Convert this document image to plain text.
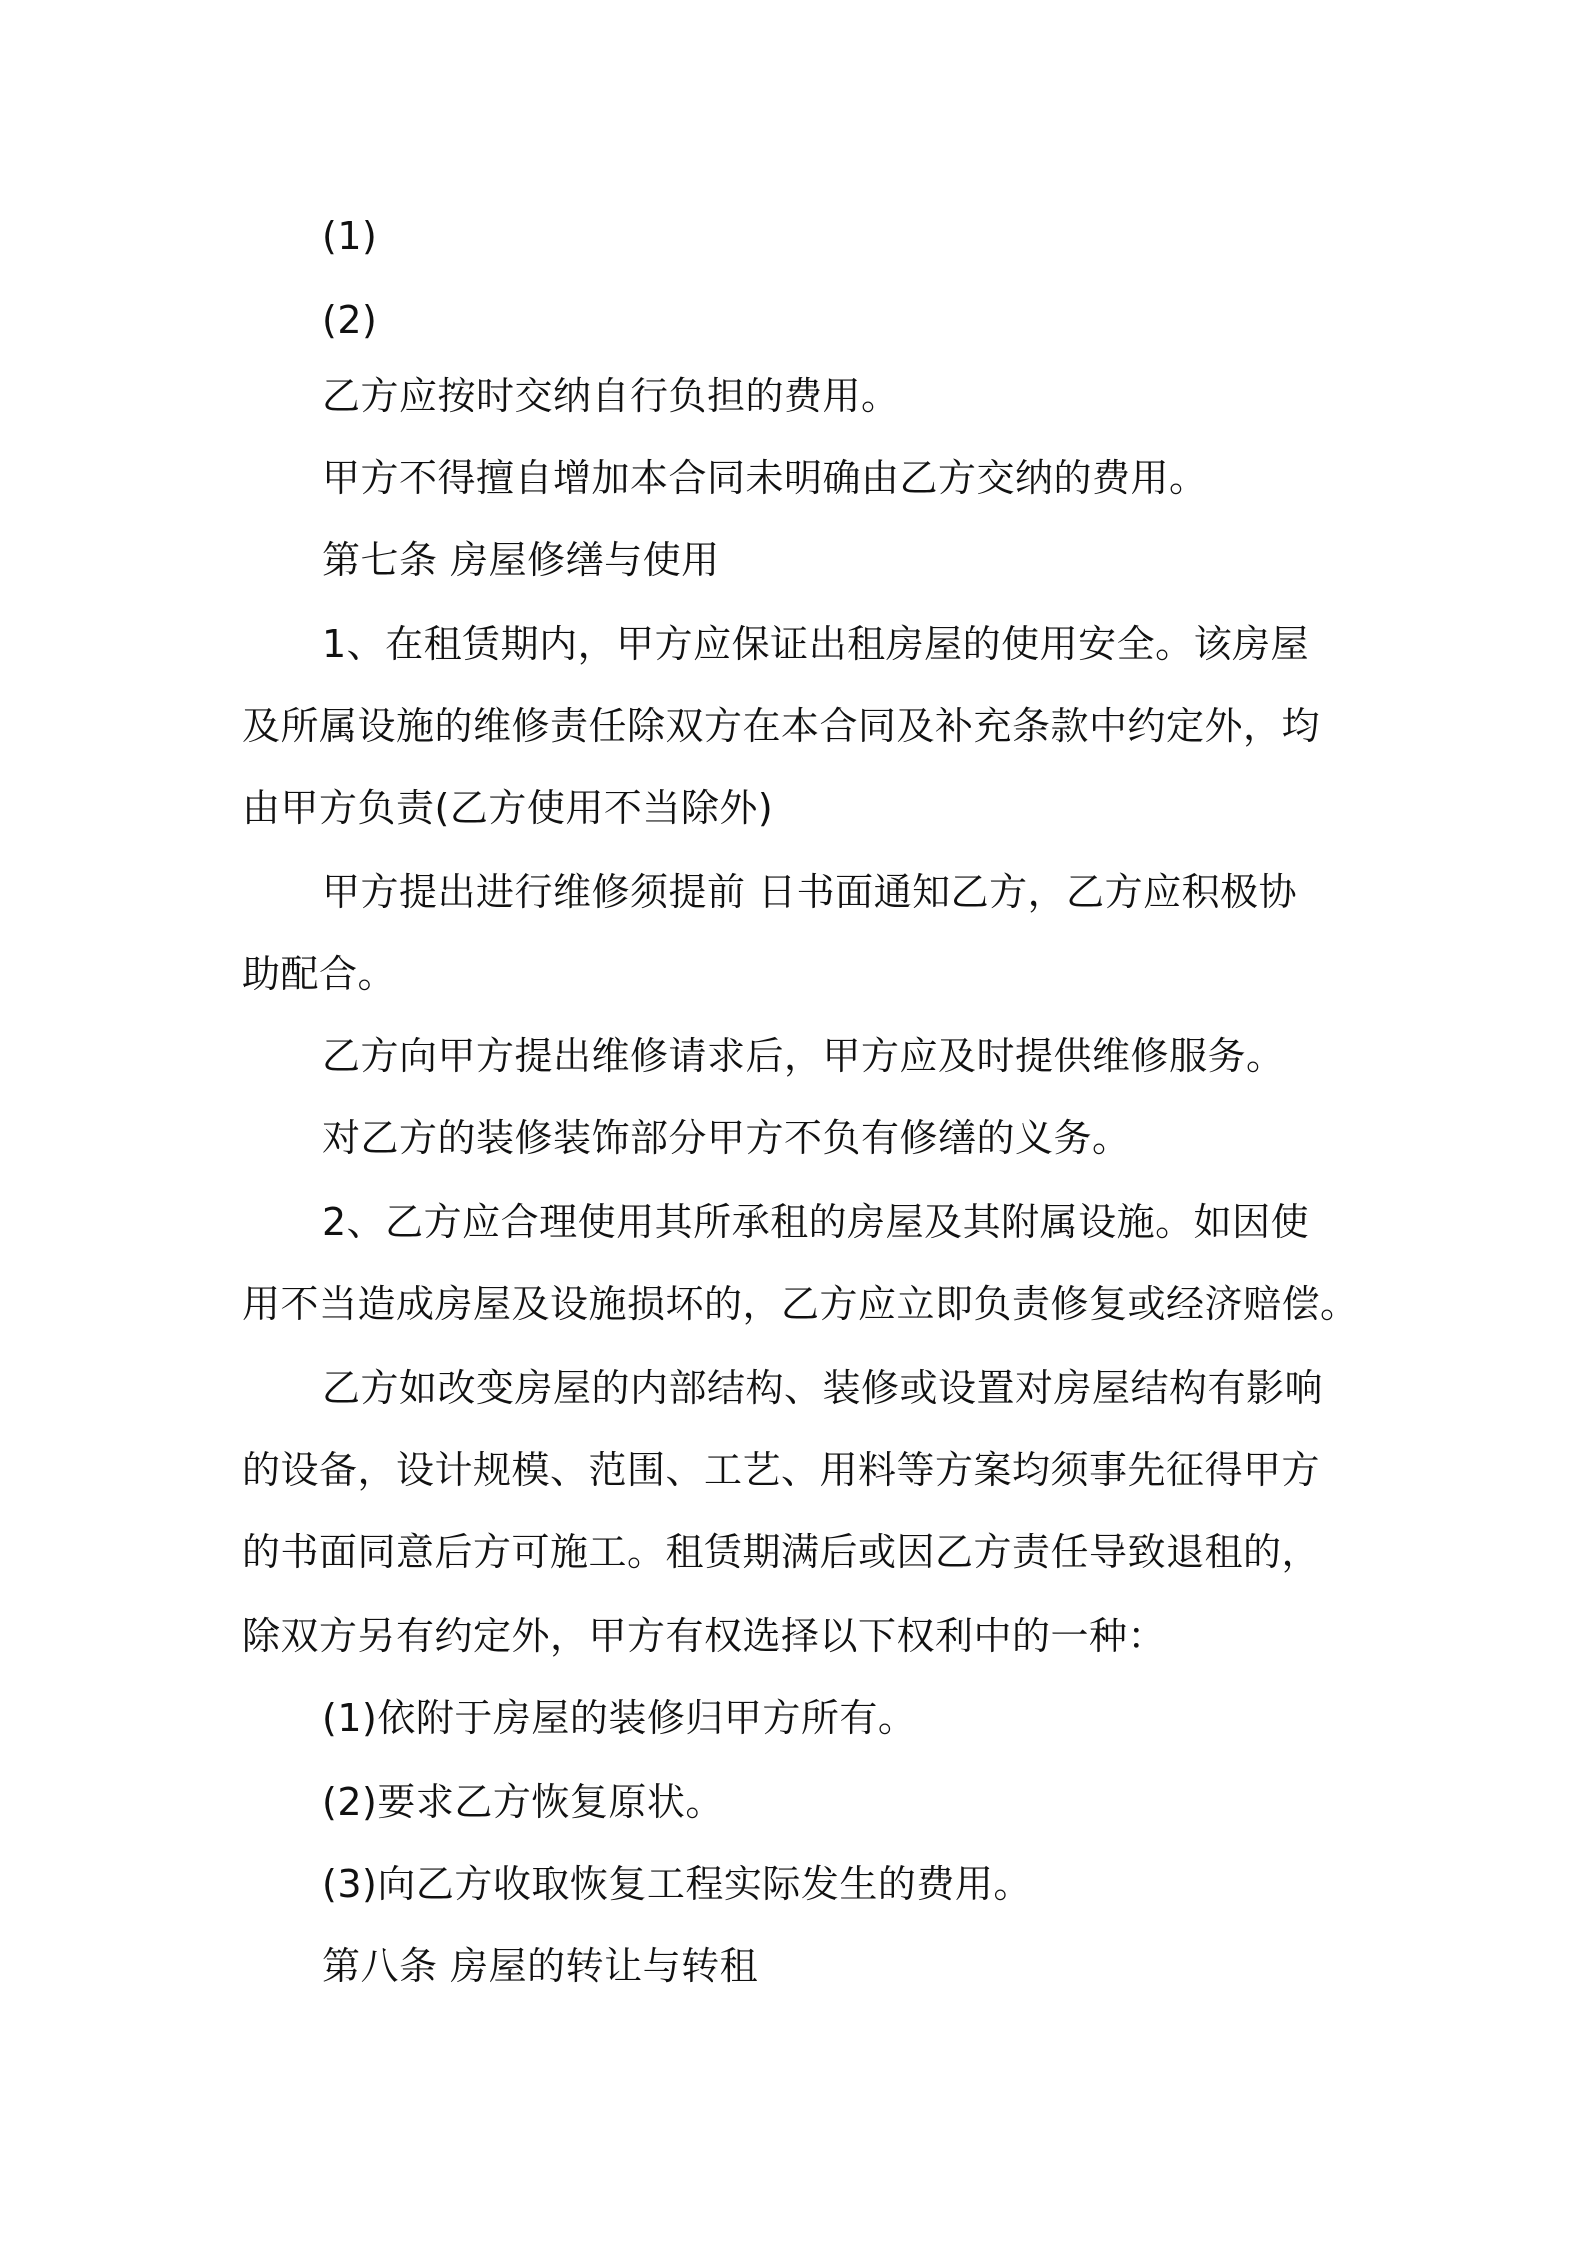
(1)
(2)
乙方应按时交纳自行负担的费用。
甲方不得擅自增加本合同未明确由乙方交纳的费用。
第七条 房屋修缮与使用
1、在租赁期内，甲方应保证出租房屋的使用安全。该房屋
及所属设施的维修责任除双方在本合同及补充条款中约定外，均
由甲方负责(乙方使用不当除外)
甲方提出进行维修须提前 日书面通知乙方，乙方应积极协
助配合。
乙方向甲方提出维修请求后，甲方应及时提供维修服务。
对乙方的装修装饰部分甲方不负有修缮的义务。
2、乙方应合理使用其所承租的房屋及其附属设施。如因使
用不当造成房屋及设施损坏的，乙方应立即负责修复或经济赔偿。
乙方如改变房屋的内部结构、装修或设置对房屋结构有影响
的设备，设计规模、范围、工艺、用料等方案均须事先征得甲方
的书面同意后方可施工。租赁期满后或因乙方责任导致退租的，
除双方另有约定外，甲方有权选择以下权利中的一种：
(1)依附于房屋的装修归甲方所有。
(2)要求乙方恢复原状。
(3)向乙方收取恢复工程实际发生的费用。
第八条 房屋的转让与转租
